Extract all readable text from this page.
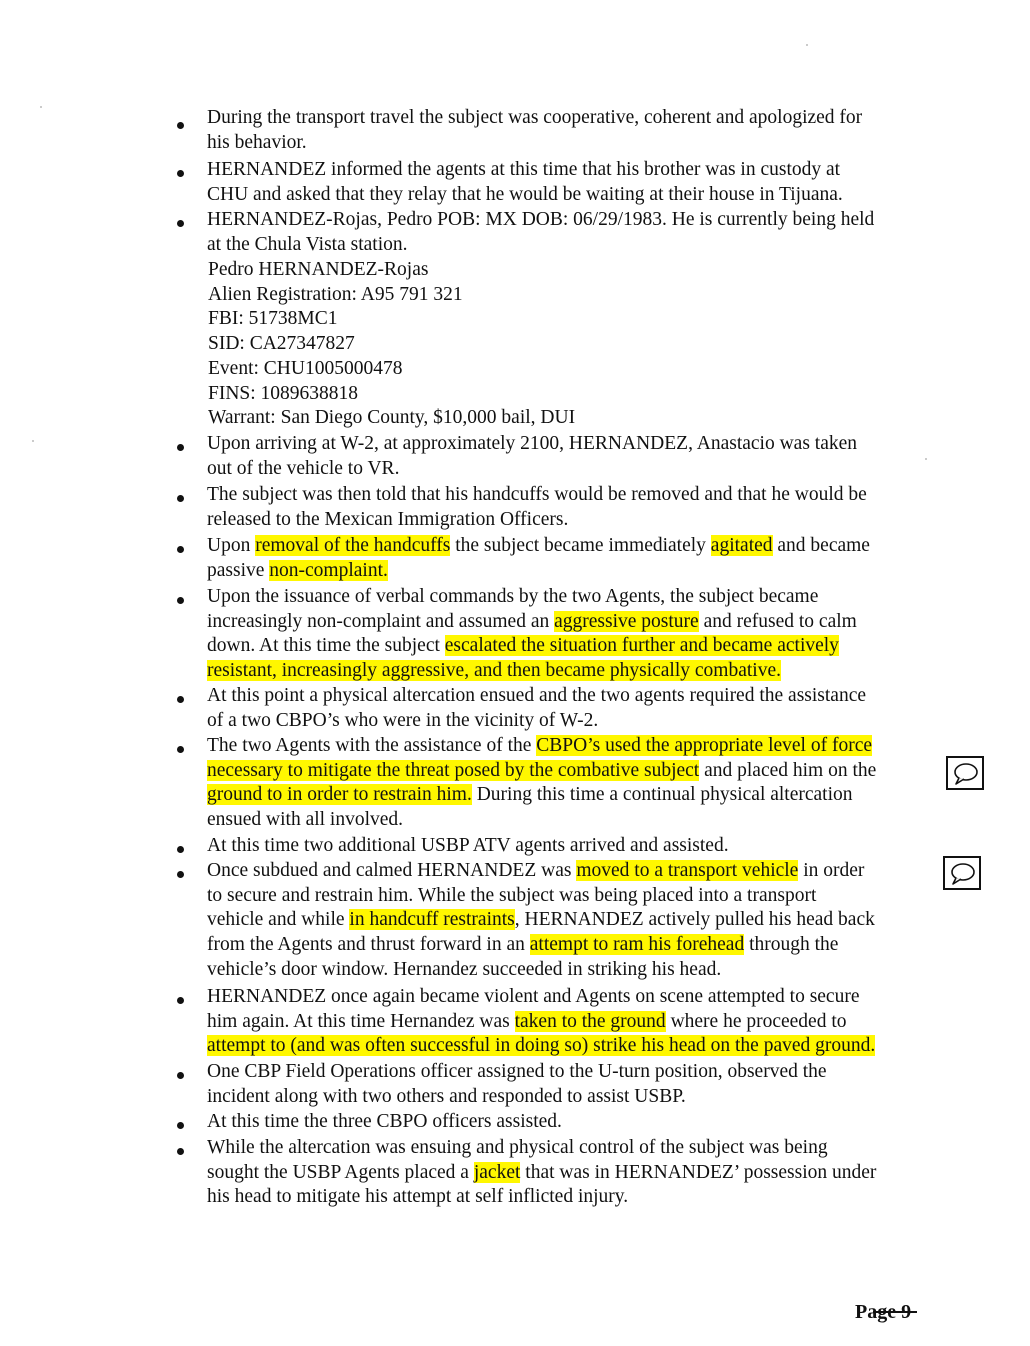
During the transport travel the subject was cooperative, coherent and apologized for
his behavior.
HERNANDEZ informed the agents at this time that his brother was in custody at
CHU and asked that they relay that he would be waiting at their house in Tijuana.
HERNANDEZ-Rojas, Pedro POB: MX DOB: 06/29/1983. He is currently being held
at the Chula Vista station.
Pedro HERNANDEZ-Rojas
Alien Registration: A95 791 321
FBI: 51738MC1
SID: CA27347827
Event: CHU1005000478
FINS: 1089638818
Warrant: San Diego County, $10,000 bail, DUI
Upon arriving at W-2, at approximately 2100, HERNANDEZ, Anastacio was taken
out of the vehicle to VR.
The subject was then told that his handcuffs would be removed and that he would be
released to the Mexican Immigration Officers.
Upon removal of the handcuffs the subject became immediately agitated and became
passive non-complaint.
Upon the issuance of verbal commands by the two Agents, the subject became
increasingly non-complaint and assumed an aggressive posture and refused to calm
down. At this time the subject escalated the situation further and became actively
resistant, increasingly aggressive, and then became physically combative.
At this point a physical altercation ensued and the two agents required the assistance
of a two CBPO’s who were in the vicinity of W-2.
The two Agents with the assistance of the CBPO’s used the appropriate level of force
necessary to mitigate the threat posed by the combative subject and placed him on the
ground to in order to restrain him. During this time a continual physical altercation
ensued with all involved.
At this time two additional USBP ATV agents arrived and assisted.
Once subdued and calmed HERNANDEZ was moved to a transport vehicle in order
to secure and restrain him. While the subject was being placed into a transport
vehicle and while in handcuff restraints, HERNANDEZ actively pulled his head back
from the Agents and thrust forward in an attempt to ram his forehead through the
vehicle’s door window. Hernandez succeeded in striking his head.
HERNANDEZ once again became violent and Agents on scene attempted to secure
him again. At this time Hernandez was taken to the ground where he proceeded to
attempt to (and was often successful in doing so) strike his head on the paved ground.
One CBP Field Operations officer assigned to the U-turn position, observed the
incident along with two others and responded to assist USBP.
At this time the three CBPO officers assisted.
While the altercation was ensuing and physical control of the subject was being
sought the USBP Agents placed a jacket that was in HERNANDEZ’ possession under
his head to mitigate his attempt at self inflicted injury.
Page 9
